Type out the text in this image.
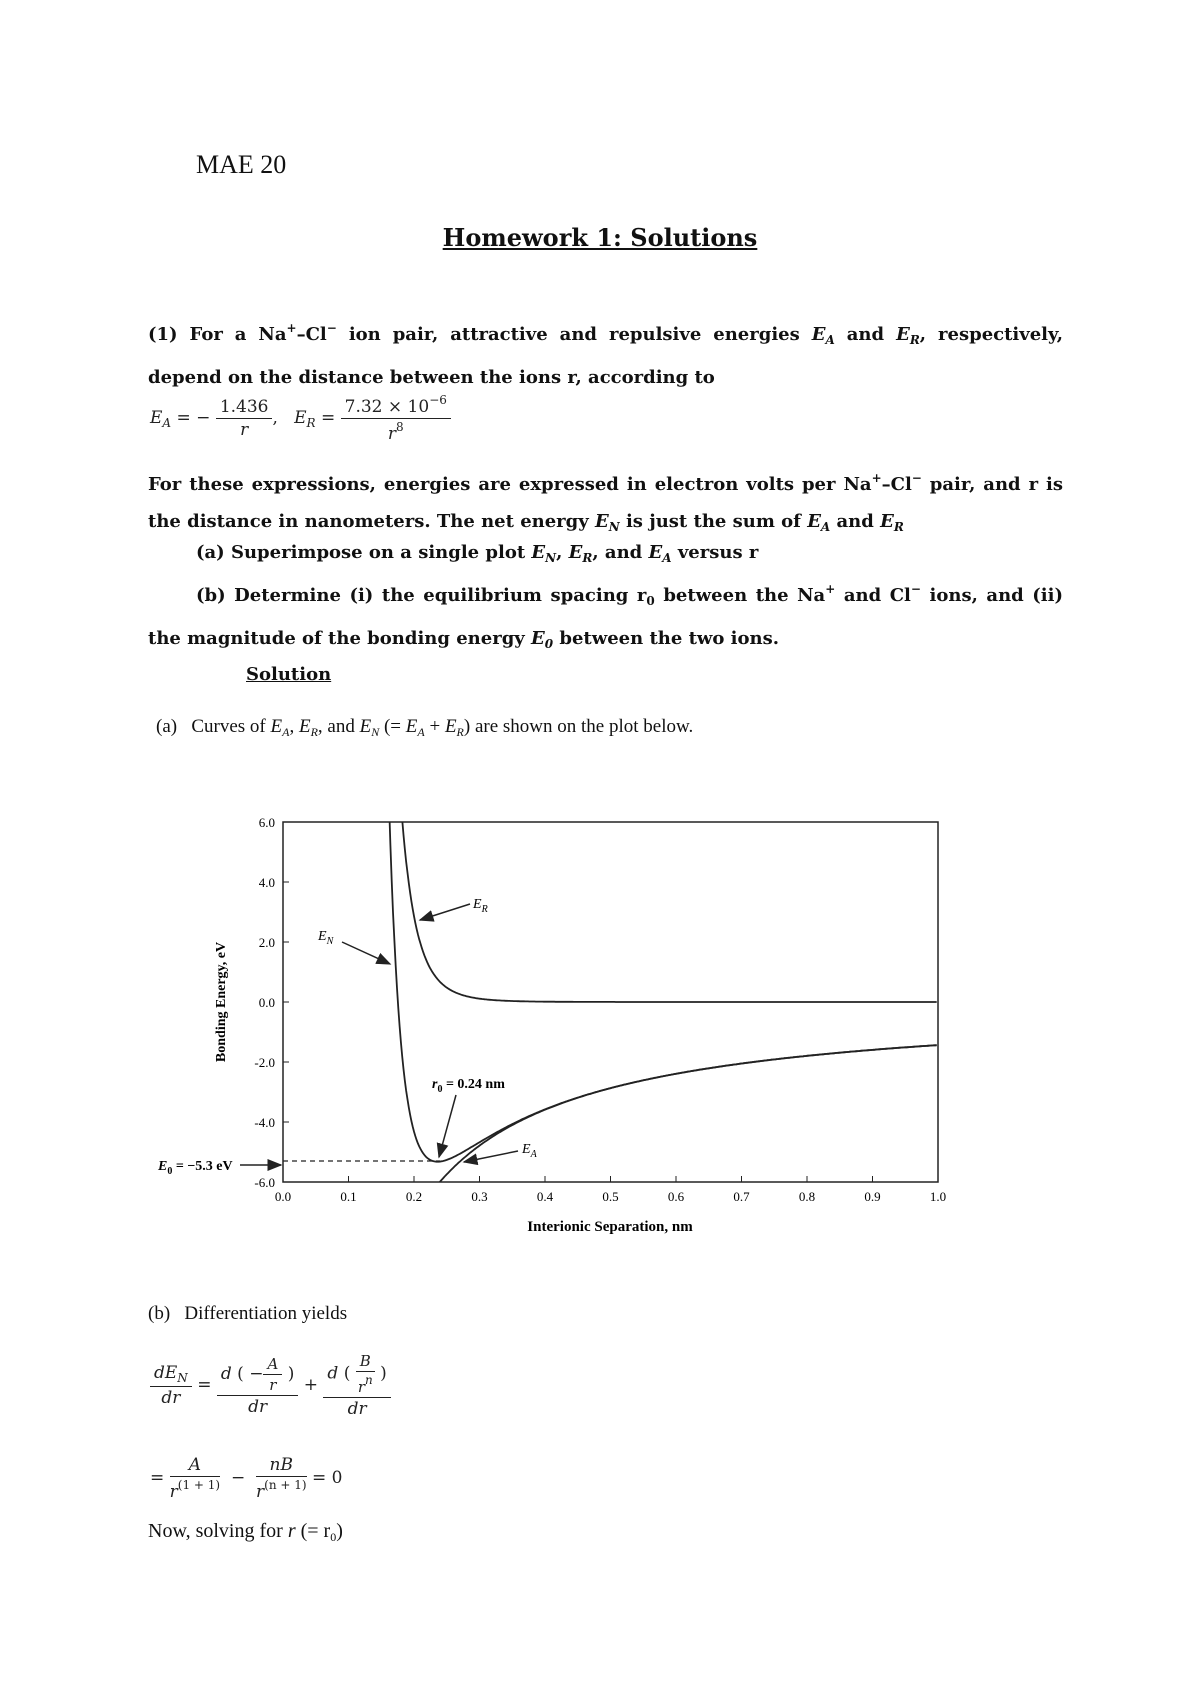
MAE 20
Homework 1: Solutions
(1) For a Na+–Cl− ion pair, attractive and repulsive energies $E_A$ and $E_R$, respectively, depend on the distance between the ions r, according to
$E_A$ = − $\frac{1.436}{r}$ , $E_R = \frac{7.32 \times 10^{-6}}{r^8}$
For these expressions, energies are expressed in electron volts per Na+–Cl− pair, and r is the distance in nanometers. The net energy $E_N$ is just the sum of $E_A$ and $E_R$
(a) Superimpose on a single plot $E_N$, $E_R$, and $E_A$ versus r
(b) Determine (i) the equilibrium spacing $r_0$ between the Na+ and Cl− ions, and (ii) the magnitude of the bonding energy $E_0$ between the two ions.
Solution
(a) Curves of $E_A$, $E_R$, and $E_N$ (= $E_A + E_R$) are shown on the plot below.
0.0	0.1	0.2	0.3	0.4	0.5	0.6	0.7	0.8	0.9	1.0
6.0
4.0
2.0
0.0
-2.0
-4.0
-6.0
Bonding Energy, eV
Interionic Separation, nm
$E_N$
$E_R$
$r_0 = 0.24$ nm
$E_A$
$E_0 = -5.3$ eV
(b) Differentiation yields
$\frac{dE_N}{dr} = \frac{d ( - \frac{A}{r} )}{dr} + \frac{d ( \frac{B}{r^n} )}{dr}$
= $\frac{A}{r^{(1 + 1)}} - \frac{nB}{r^{(n + 1)}} = 0$
Now, solving for r (= $r_0$)
